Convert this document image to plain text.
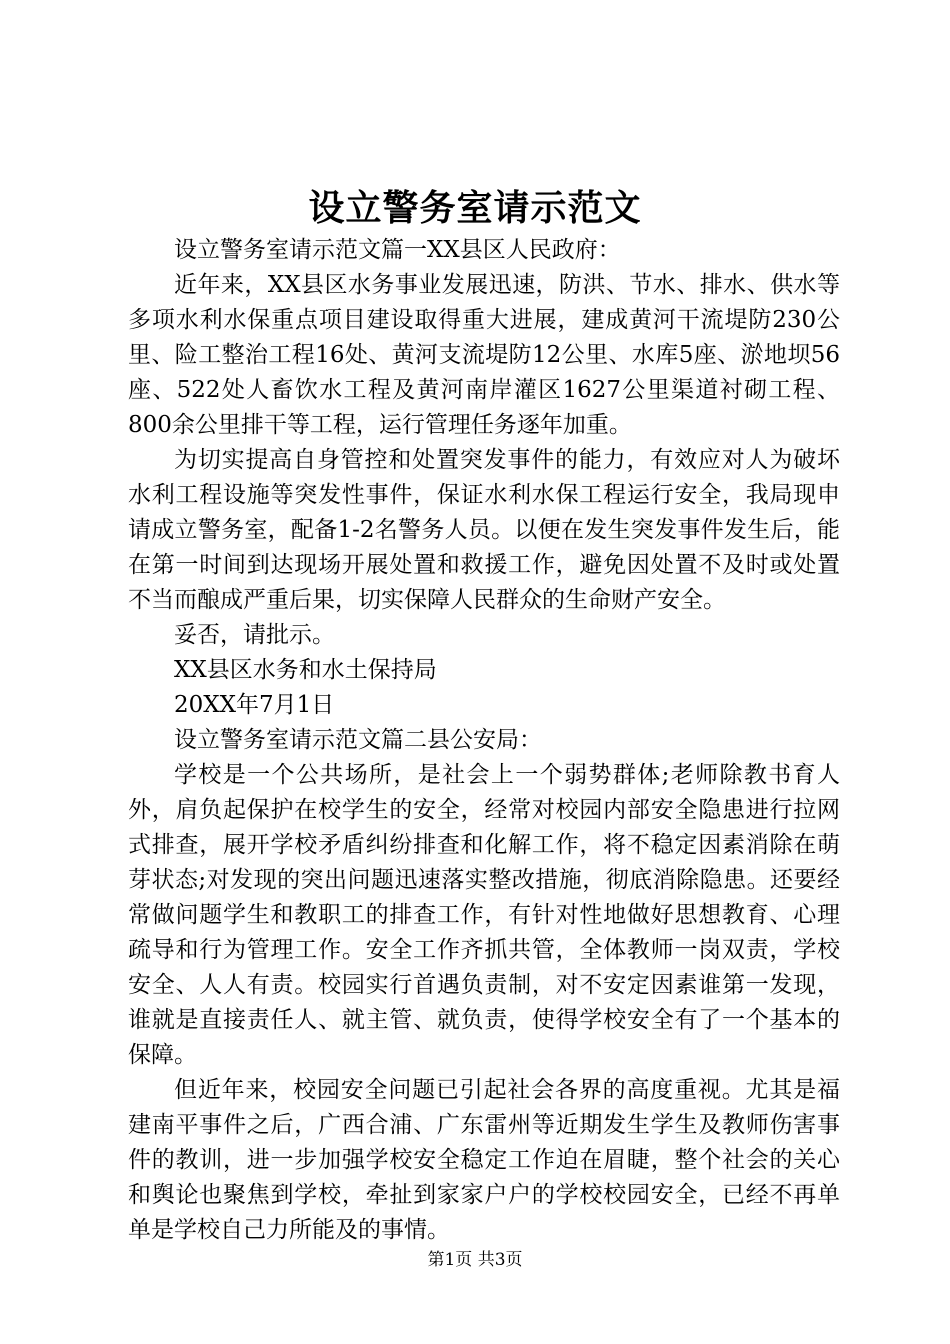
设立警务室请示范文

设立警务室请示范文篇一XX县区人民政府：

近年来，XX县区水务事业发展迅速，防洪、节水、排水、供水等多项水利水保重点项目建设取得重大进展，建成黄河干流堤防230公里、险工整治工程16处、黄河支流堤防12公里、水库5座、淤地坝56座、522处人畜饮水工程及黄河南岸灌区1627公里渠道衬砌工程、800余公里排干等工程，运行管理任务逐年加重。

为切实提高自身管控和处置突发事件的能力，有效应对人为破坏水利工程设施等突发性事件，保证水利水保工程运行安全，我局现申请成立警务室，配备1-2名警务人员。以便在发生突发事件发生后，能在第一时间到达现场开展处置和救援工作，避免因处置不及时或处置不当而酿成严重后果，切实保障人民群众的生命财产安全。

妥否，请批示。

XX县区水务和水土保持局

20XX年7月1日

设立警务室请示范文篇二县公安局：

学校是一个公共场所，是社会上一个弱势群体;老师除教书育人外，肩负起保护在校学生的安全，经常对校园内部安全隐患进行拉网式排查，展开学校矛盾纠纷排查和化解工作，将不稳定因素消除在萌芽状态;对发现的突出问题迅速落实整改措施，彻底消除隐患。还要经常做问题学生和教职工的排查工作，有针对性地做好思想教育、心理疏导和行为管理工作。安全工作齐抓共管，全体教师一岗双责，学校安全、人人有责。校园实行首遇负责制，对不安定因素谁第一发现，谁就是直接责任人、就主管、就负责，使得学校安全有了一个基本的保障。

但近年来，校园安全问题已引起社会各界的高度重视。尤其是福建南平事件之后，广西合浦、广东雷州等近期发生学生及教师伤害事件的教训，进一步加强学校安全稳定工作迫在眉睫，整个社会的关心和舆论也聚焦到学校，牵扯到家家户户的学校校园安全，已经不再单单是学校自己力所能及的事情。

第1页 共3页
